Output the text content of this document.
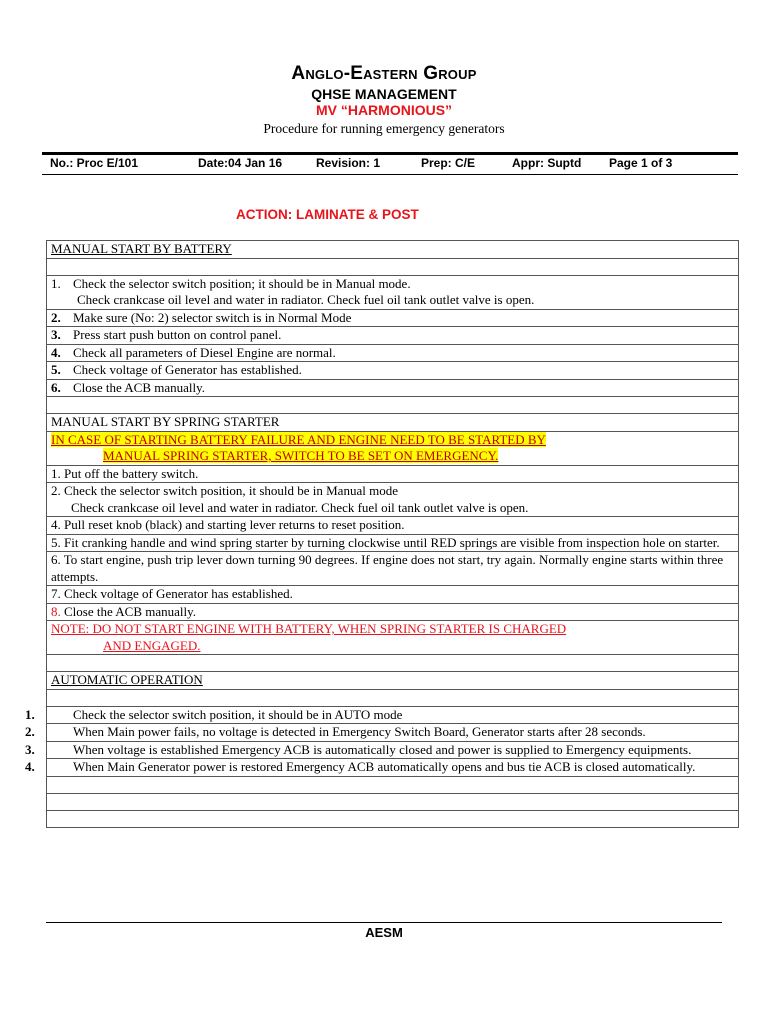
Anglo-Eastern Group
QHSE MANAGEMENT
MV “HARMONIOUS”
Procedure for running emergency generators
No.: Proc E/101	Date:04 Jan 16	Revision: 1	Prep: C/E	Appr: Suptd Page 1 of 3
ACTION: LAMINATE & POST
MANUAL START BY BATTERY

1. Check the selector switch position; it should be in Manual mode.
Check crankcase oil level and water in radiator. Check fuel oil tank outlet valve is open.

2. Make sure (No: 2) selector switch is in Normal Mode
3. Press start push button on control panel.
4. Check all parameters of Diesel Engine are normal.
5. Check voltage of Generator has established.
6. Close the ACB manually.

MANUAL START BY SPRING STARTER
IN CASE OF STARTING BATTERY FAILURE AND ENGINE NEED TO BE STARTED BY

MANUAL SPRING STARTER, SWITCH TO BE SET ON EMERGENCY.

1. Put off the battery switch.
2. Check the selector switch position, it should be in Manual mode
Check crankcase oil level and water in radiator. Check fuel oil tank outlet valve is open.

4. Pull reset knob (black) and starting lever returns to reset position.
5. Fit cranking handle and wind spring starter by turning clockwise until RED springs are visible from inspection hole on starter.
6. To start engine, push trip lever down turning 90 degrees. If engine does not start, try again. Normally engine starts within three attempts.
7. Check voltage of Generator has established.
8. Close the ACB manually.
NOTE: DO NOT START ENGINE WITH BATTERY, WHEN SPRING STARTER IS CHARGED

AND ENGAGED.

AUTOMATIC OPERATION

1.	Check the selector switch position, it should be in AUTO mode

2.	When Main power fails, no voltage is detected in Emergency Switch Board, Generator starts after 28 seconds.

3.	When voltage is established Emergency ACB is automatically closed and power is supplied to Emergency equipments.

4.	When Main Generator power is restored Emergency ACB automatically opens and bus tie ACB is closed automatically.

AESM
